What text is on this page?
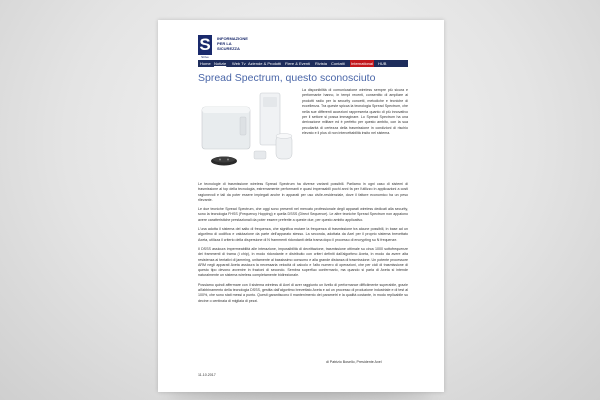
S
Strive
INFORMAZIONE
PER LA
SICUREZZA
Home Notizie Web Tv Aziende & Prodotti Fiere & Eventi Rivista Contatti International HUB
Spread Spectrum, questo sconosciuto
La disponibilità di comunicazione wireless sempre più sicura e performante hanno, in tempi recenti, consentito di ampliare ai prodotti radio per la security concetti, metodiche e tecniche di eccellenza. Tra queste spicca la tecnologia Spread Spectrum, che nella sue differenti accezioni rappresenta quanto di più innovativo per il settore si possa immaginare. Lo Spread Spectrum ha una derivazione militare ed è perfetto per questo ambito, con la sua peculiarità di certezza della trasmissione in condizioni di rischio elevato e il plus di non intercettabilità insito nel sistema.

Le tecnologie di trasmissione wireless Spread Spectrum ha diverse varianti possibili. Parliamo in ogni caso di sistemi di trasmissione al top della tecnologia, estremamente performanti e quasi impensabili pochi anni fa per l'utilizzo in applicazioni a costi ragionevoli e tali da poter essere impiegati anche in apparati per uso civile-residenziale, dove il fattore economico ha un peso rilevante.

Le due tecniche Spread Spectrum, che oggi sono presenti nel mercato professionale degli apparati wireless dedicati alla security, sono la tecnologia FHSS (Frequency Hopping) e quella DSSS (Direct Sequence). Le altre tecniche Spread Spectrum non appaiono avere caratteristiche prestazionali da poter essere preferite a queste due, per questo ambito applicativo.

L'una adotta il sistema del salto di frequenza, che significa mutare la frequenza di trasmissione tra alcune possibili, in base ad un algoritmo di codifica e valutazione da parte dell'apparato stesso. La seconda, adottata da Axel per il proprio sistema brevettato Axeta, utilizza il criterio della dispersione di N frammenti ridondanti della trama dopo il processo di encrypting su N frequenze.

Il DSSS assicura impermeabilità alle interazione, impossibilità di decrittazione, trasmissione ottimale su circa 1000 sottofrequenze dei frammenti di trama (i chip), in modo ridondante e distribuito con criteri definiti dall'algoritmo Axeta, in modo da avere alta resistenza ai tentativi di jamming, unitamente al bassissimo consumo e alla grande distanza di trasmissione. Un potente processore ARM negli apparati Axeta assicura la necessaria velocità di calcolo e l'alto numero di operazioni, che per cicli di trasmissione di questo tipo devono avvenire in frazioni di secondo. Sembra superfluo confermarlo, ma quando si parla di Axeta si intende naturalmente un sistema wireless completamente bidirezionale.

Possiamo quindi affermare con il sistema wireless di Axel di aver raggiunto un livello di performance difficilmente superabile, grazie all'abbinamento della tecnologia DSSS, gestita dall'algoritmo brevettato Axeta e ad un processo di produzione industriale e di test al 100%, che sono stati messi a punto. Questi garantiscono il mantenimento dei parametri e la qualità costante, in modo replicabile su decine o centinaia di migliaia di pezzi.

di Patrizio Bosello, Presidente Axel
11.10.2017
